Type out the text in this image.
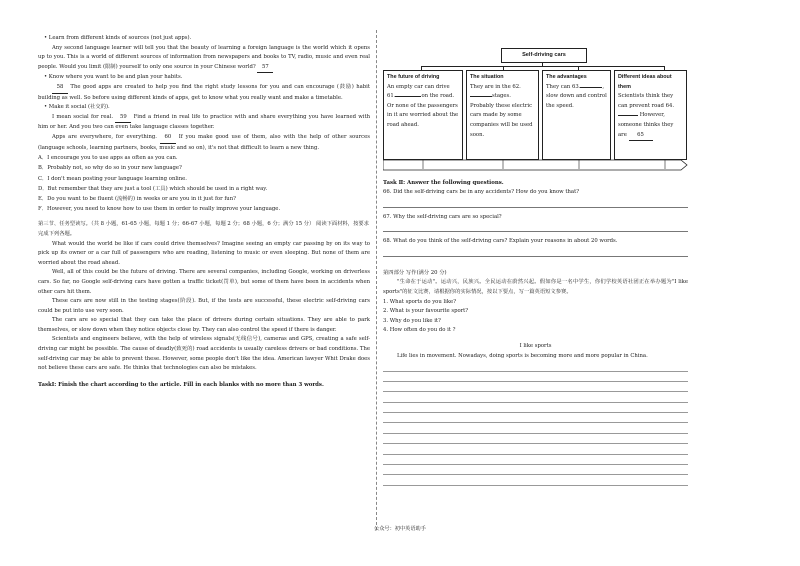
• Learn from different kinds of sources (not just apps).

Any second language learner will tell you that the beauty of learning a foreign language is the world which it opens up to you. This is a world of different sources of information from newspapers and books to TV, radio, music and even real people. Would you limit (限制) yourself to only one source in your Chinese world? 57

• Know where you want to be and plan your habits.

58 The good apps are created to help you find the right study lessons for you and can encourage (鼓励) habit building as well. So before using different kinds of apps, get to know what you really want and make a timetable.

• Make it social (社交的).

I mean social for real. 59 Find a friend in real life to practice with and share everything you have learned with him or her. And you two can even take language classes together.

Apps are everywhere, for everything. 60 If you make good use of them, also with the help of other sources (language schools, learning partners, books, music and so on), it's not that difficult to learn a new thing.

A．I encourage you to use apps as often as you can.

B．Probably not, so why do so in your new language?

C．I don't mean posting your language learning online.

D．But remember that they are just a tool (工具) which should be used in a right way.

E．Do you want to be fluent (流畅的) in weeks or are you in it just for fun?

F．However, you need to know how to use them in order to really improve your language.

第三节、任务型读写。（共 8 小题，61-65 小题，每题 1 分；66-67 小题，每题 2 分；68 小题，6 分；满分 15 分） 阅读下面材料，按要求完成下列各题。

What would the world be like if cars could drive themselves? Imagine seeing an empty car passing by on its way to pick up its owner or a car full of passengers who are reading, listening to music or even sleeping. But none of them are worried about the road ahead.

Well, all of this could be the future of driving. There are several companies, including Google, working on driverless cars. So far, no Google self-driving cars have gotten a traffic ticket(罚单), but some of them have been in accidents when other cars hit them.

These cars are now still in the testing stages(阶段). But, if the tests are successful, these electric self-driving cars could be put into use very soon.

The cars are so special that they can take the place of drivers during certain situations. They are able to park themselves, or slow down when they notice objects close by. They can also control the speed if there is danger.

Scientists and engineers believe, with the help of wireless signals(无线信号), cameras and GPS, creating a safe self-driving car might be possible. The cause of deadly(致死的) road accidents is usually careless drivers or bad conditions. The self-driving car may be able to prevent these. However, some people don't like the idea. American lawyer Whit Drake does not believe these cars are safe. He thinks that technologies can also be mistakes.

TaskⅠ: Finish the chart according to the article. Fill in each blanks with no more than 3 words.

Self-driving cars
The future of driving
An empty car can drive 61.	on the road. Or none of the passengers in it are worried about the road ahead.
The situation
They are in the 62.stages. Probably these electric cars made by some companies will be used soon.
The advantages
They can 63.	, slow down and control the speed.
Different ideas about them
Scientists think they can prevent road 64. However, someone thinks they are 65

Task Ⅱ: Answer the following questions.

66. Did the self-driving cars be in any accidents? How do you know that?

67. Why the self-driving cars are so special?

68. What do you think of the self-driving cars? Explain your reasons in about 20 words.

第四部分 写作(满分 20 分)

"生命在于运动"。运动兴，民族兴。全民运动在蔚然兴起。假如你是一名中学生，你们学校英语社团正在举办题为"I like sports"的征文比赛，请根据你的实际情况，按以下要点，写一篇英语短文参赛。

1. What sports do you like?

2. What is your favourite sport?

3. Why do you like it?

4. How often do you do it ?

I like sports

Life lies in movement. Nowadays, doing sports is becoming more and more popular in China.

公众号：初中英语助手
